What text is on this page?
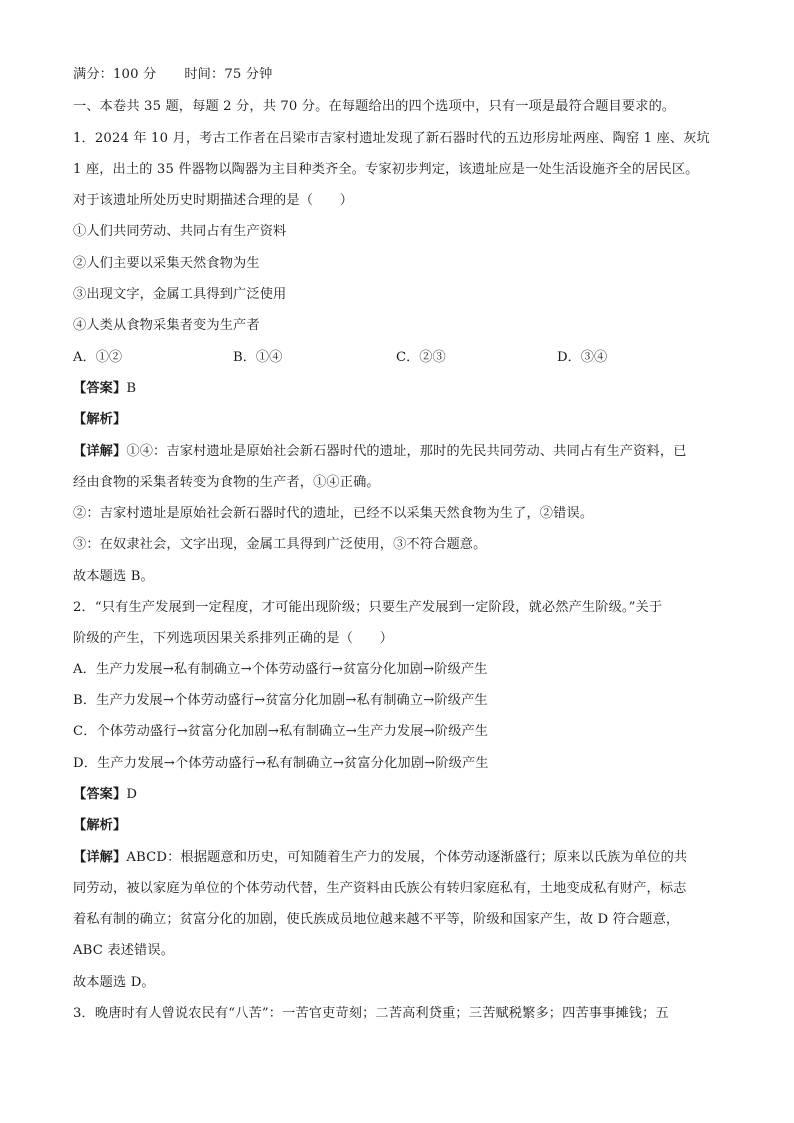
满分：100 分 时间：75 分钟
一、本卷共 35 题，每题 2 分，共 70 分。在每题给出的四个选项中，只有一项是最符合题目要求的。
1．2024 年 10 月，考古工作者在吕梁市吉家村遗址发现了新石器时代的五边形房址两座、陶窑 1 座、灰坑
1 座，出土的 35 件器物以陶器为主目种类齐全。专家初步判定，该遗址应是一处生活设施齐全的居民区。
对于该遗址所处历史时期描述合理的是（　　）
①人们共同劳动、共同占有生产资料
②人们主要以采集天然食物为生
③出现文字，金属工具得到广泛使用
④人类从食物采集者变为生产者
A．①②	B．①④	C．②③	D．③④
【答案】B
【解析】
【详解】①④：吉家村遗址是原始社会新石器时代的遗址，那时的先民共同劳动、共同占有生产资料，已
经由食物的采集者转变为食物的生产者，①④正确。
②：吉家村遗址是原始社会新石器时代的遗址，已经不以采集天然食物为生了，②错误。
③：在奴隶社会，文字出现，金属工具得到广泛使用，③不符合题意。
故本题选 B。
2．“只有生产发展到一定程度，才可能出现阶级；只要生产发展到一定阶段，就必然产生阶级。”关于
阶级的产生，下列选项因果关系排列正确的是（　　）
A．生产力发展→私有制确立→个体劳动盛行→贫富分化加剧→阶级产生
B．生产力发展→个体劳动盛行→贫富分化加剧→私有制确立→阶级产生
C．个体劳动盛行→贫富分化加剧→私有制确立→生产力发展→阶级产生
D．生产力发展→个体劳动盛行→私有制确立→贫富分化加剧→阶级产生
【答案】D
【解析】
【详解】ABCD：根据题意和历史，可知随着生产力的发展，个体劳动逐渐盛行；原来以氏族为单位的共
同劳动，被以家庭为单位的个体劳动代替，生产资料由氏族公有转归家庭私有，土地变成私有财产，标志
着私有制的确立；贫富分化的加剧，使氏族成员地位越来越不平等，阶级和国家产生，故 D 符合题意，
ABC 表述错误。
故本题选 D。
3．晚唐时有人曾说农民有“八苦”：一苦官吏苛刻；二苦高利贷重；三苦赋税繁多；四苦事事摊钱；五
